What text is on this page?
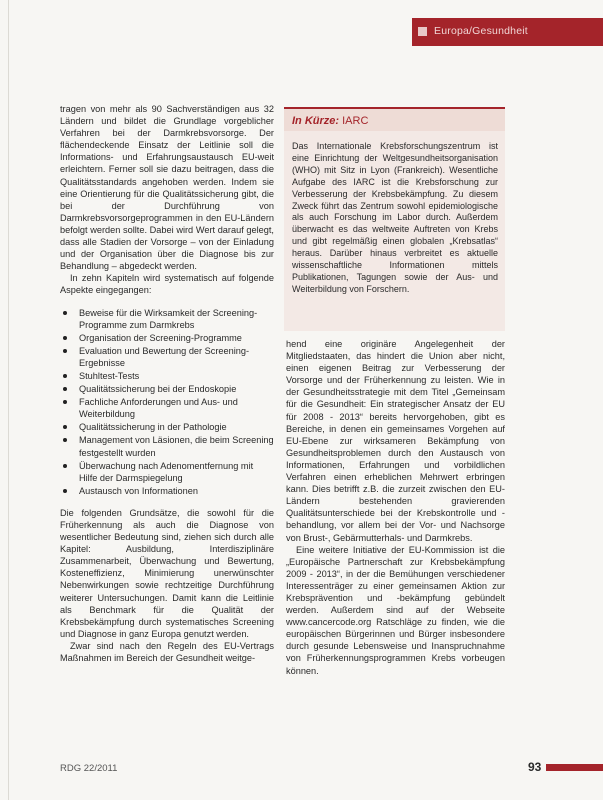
Europa/Gesundheit

tragen von mehr als 90 Sachverständigen aus 32 Ländern und bildet die Grundlage vorgeblicher Verfahren bei der Darmkrebsvorsorge. Der flächendeckende Einsatz der Leitlinie soll die Informations- und Erfahrungsaustausch EU-weit erleichtern. Ferner soll sie dazu beitragen, dass die Qualitätsstandards angehoben werden. Indem sie eine Orientierung für die Qualitätssicherung gibt, die bei der Durchführung von Darmkrebsvorsorgeprogrammen in den EU-Ländern befolgt werden sollte. Dabei wird Wert darauf gelegt, dass alle Stadien der Vorsorge – von der Einladung und der Organisation über die Diagnose bis zur Behandlung – abgedeckt werden.

In zehn Kapiteln wird systematisch auf folgende Aspekte eingegangen:

Beweise für die Wirksamkeit der Screening-Programme zum Darmkrebs
Organisation der Screening-Programme
Evaluation und Bewertung der Screening-Ergebnisse
Stuhltest-Tests
Qualitätssicherung bei der Endoskopie
Fachliche Anforderungen und Aus- und Weiterbildung
Qualitätssicherung in der Pathologie
Management von Läsionen, die beim Screening festgestellt wurden
Überwachung nach Adenomentfernung mit Hilfe der Darmspiegelung
Austausch von Informationen

Die folgenden Grundsätze, die sowohl für die Früherkennung als auch die Diagnose von wesentlicher Bedeutung sind, ziehen sich durch alle Kapitel: Ausbildung, Interdisziplinäre Zusammenarbeit, Überwachung und Bewertung, Kosteneffizienz, Minimierung unerwünschter Nebenwirkungen sowie rechtzeitige Durchführung weiterer Untersuchungen. Damit kann die Leitlinie als Benchmark für die Qualität der Krebsbekämpfung durch systematisches Screening und Diagnose in ganz Europa genutzt werden.

Zwar sind nach den Regeln des EU-Vertrags Maßnahmen im Bereich der Gesundheit weitge-

In Kürze: IARC
Das Internationale Krebsforschungszentrum ist eine Einrichtung der Weltgesundheitsorganisation (WHO) mit Sitz in Lyon (Frankreich). Wesentliche Aufgabe des IARC ist die Krebsforschung zur Verbesserung der Krebsbekämpfung. Zu diesem Zweck führt das Zentrum sowohl epidemiologische als auch Forschung im Labor durch. Außerdem überwacht es das weltweite Auftreten von Krebs und gibt regelmäßig einen globalen „Krebsatlas“ heraus. Darüber hinaus verbreitet es aktuelle wissenschaftliche Informationen mittels Publikationen, Tagungen sowie der Aus- und Weiterbildung von Forschern.

hend eine originäre Angelegenheit der Mitgliedstaaten, das hindert die Union aber nicht, einen eigenen Beitrag zur Verbesserung der Vorsorge und der Früherkennung zu leisten. Wie in der Gesundheitsstrategie mit dem Titel „Gemeinsam für die Gesundheit: Ein strategischer Ansatz der EU für 2008 - 2013“ bereits hervorgehoben, gibt es Bereiche, in denen ein gemeinsames Vorgehen auf EU-Ebene zur wirksameren Bekämpfung von Gesundheitsproblemen durch den Austausch von Informationen, Erfahrungen und vorbildlichen Verfahren einen erheblichen Mehrwert erbringen kann. Dies betrifft z.B. die zurzeit zwischen den EU-Ländern bestehenden gravierenden Qualitätsunterschiede bei der Krebskontrolle und -behandlung, vor allem bei der Vor- und Nachsorge von Brust-, Gebärmutterhals- und Darmkrebs.

Eine weitere Initiative der EU-Kommission ist die „Europäische Partnerschaft zur Krebsbekämpfung 2009 - 2013“, in der die Bemühungen verschiedener Interessenträger zu einer gemeinsamen Aktion zur Krebsprävention und -bekämpfung gebündelt werden. Außerdem sind auf der Webseite www.cancercode.org Ratschläge zu finden, wie die europäischen Bürgerinnen und Bürger insbesondere durch gesunde Lebensweise und Inanspruchnahme von Früherkennungsprogrammen Krebs vorbeugen können.

RDG 22/2011	93
